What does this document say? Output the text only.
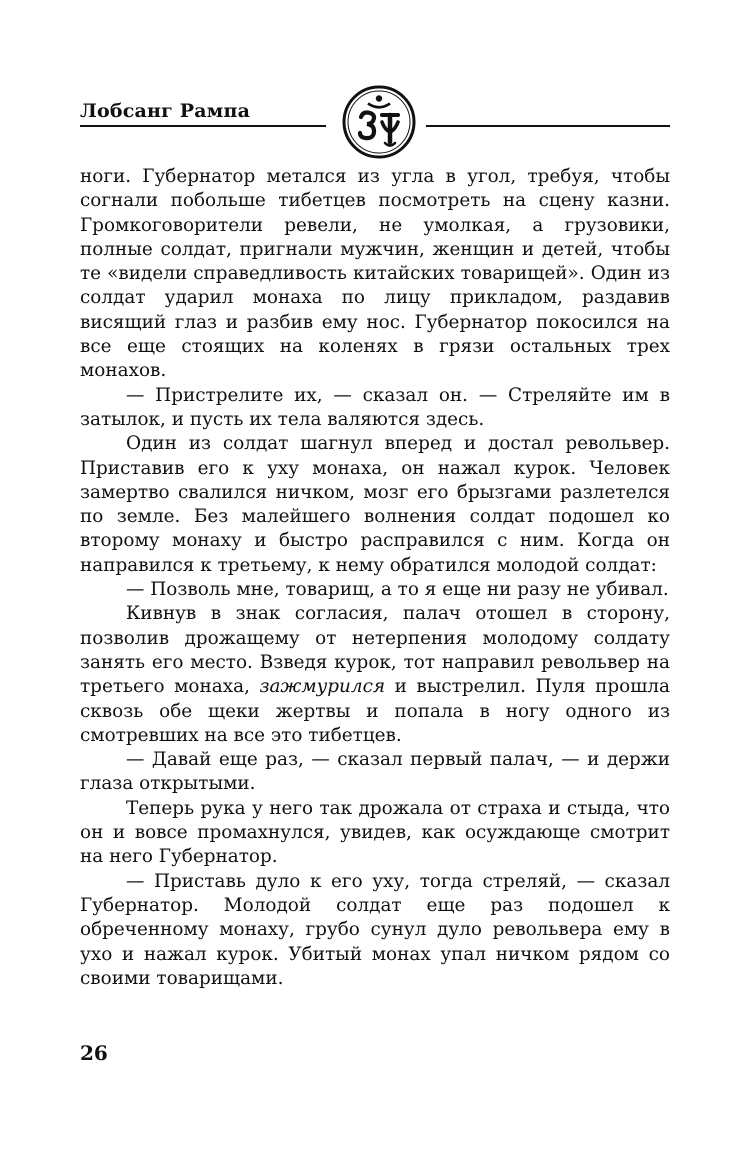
Лобсанг Рампа

ноги. Губернатор метался из угла в угол, требуя, чтобы согнали побольше тибетцев посмотреть на сцену казни. Громкоговорители ревели, не умолкая, а грузовики, полные солдат, пригнали мужчин, женщин и детей, чтобы те «видели справедливость китайских товарищей». Один из солдат ударил монаха по лицу прикладом, раздавив висящий глаз и разбив ему нос. Губернатор покосился на все еще стоящих на коленях в грязи остальных трех монахов.

— Пристрелите их, — сказал он. — Стреляйте им в затылок, и пусть их тела валяются здесь.

Один из солдат шагнул вперед и достал револьвер. Приставив его к уху монаха, он нажал курок. Человек замертво свалился ничком, мозг его брызгами разлетелся по земле. Без малейшего волнения солдат подошел ко второму монаху и быстро расправился с ним. Когда он направился к третьему, к нему обратился молодой солдат:

— Позволь мне, товарищ, а то я еще ни разу не убивал.

Кивнув в знак согласия, палач отошел в сторону, позволив дрожащему от нетерпения молодому солдату занять его место. Взведя курок, тот направил револьвер на третьего монаха, зажмурился и выстрелил. Пуля прошла сквозь обе щеки жертвы и попала в ногу одного из смотревших на все это тибетцев.

— Давай еще раз, — сказал первый палач, — и держи глаза открытыми.

Теперь рука у него так дрожала от страха и стыда, что он и вовсе промахнулся, увидев, как осуждающе смотрит на него Губернатор.

— Приставь дуло к его уху, тогда стреляй, — сказал Губернатор. Молодой солдат еще раз подошел к обреченному монаху, грубо сунул дуло револьвера ему в ухо и нажал курок. Убитый монах упал ничком рядом со своими товарищами.

26
